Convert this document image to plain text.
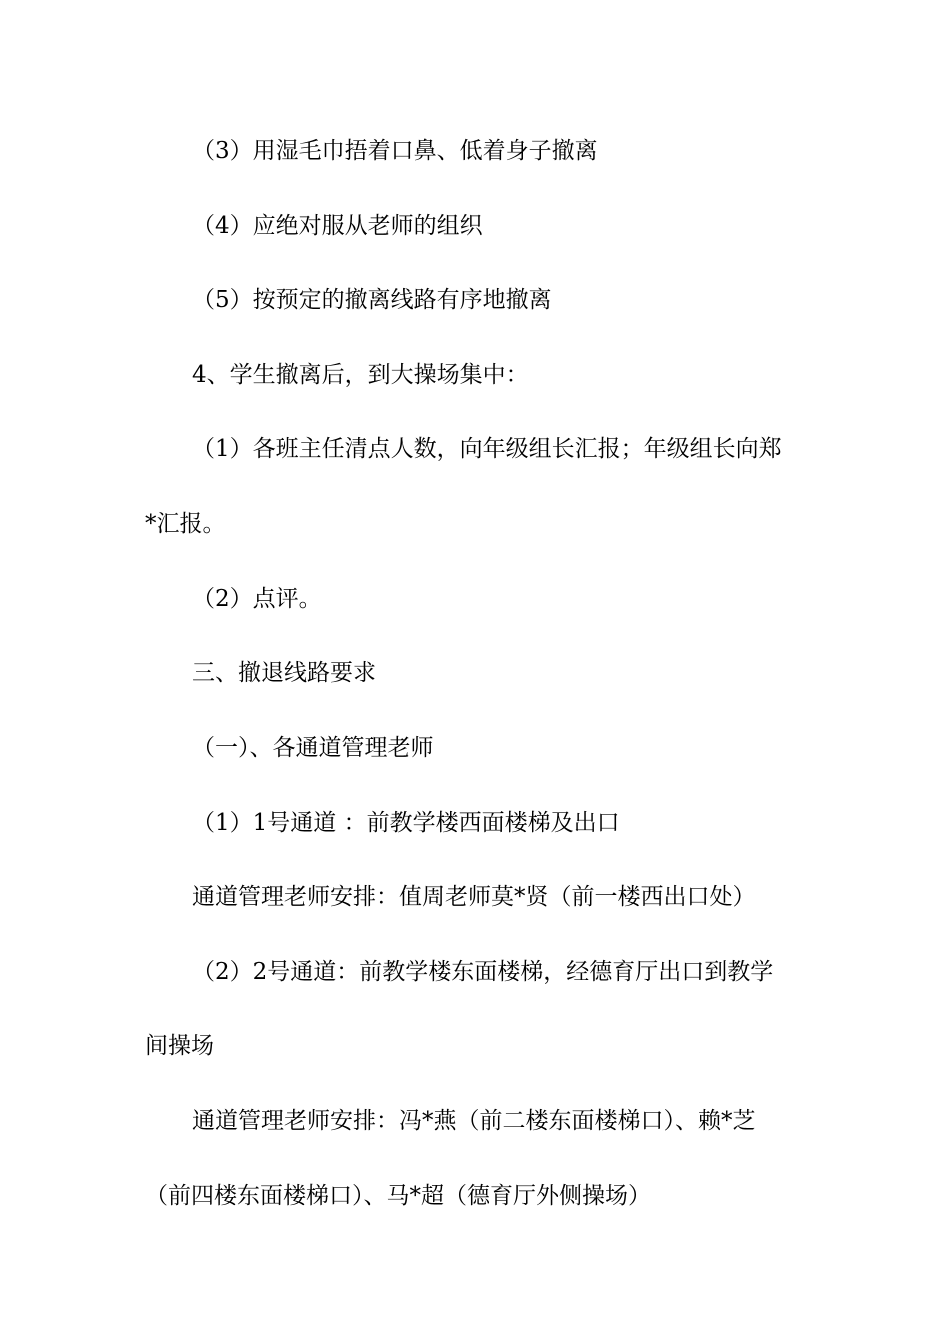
（3）用湿毛巾捂着口鼻、低着身子撤离
（4）应绝对服从老师的组织
（5）按预定的撤离线路有序地撤离
4、学生撤离后，到大操场集中：
（1）各班主任清点人数，向年级组长汇报；年级组长向郑
*汇报。
（2）点评。
三、撤退线路要求
（一）、各通道管理老师
（1）1号通道 ：前教学楼西面楼梯及出口
通道管理老师安排：值周老师莫*贤（前一楼西出口处）
（2）2号通道：前教学楼东面楼梯，经德育厅出口到教学
间操场
通道管理老师安排：冯*燕（前二楼东面楼梯口）、赖*芝
（前四楼东面楼梯口）、马*超（德育厅外侧操场）
